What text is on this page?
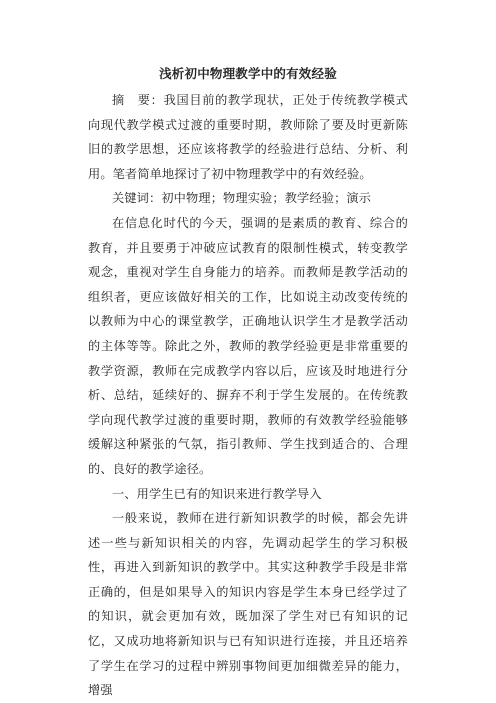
浅析初中物理教学中的有效经验

摘　要：我国目前的教学现状，正处于传统教学模式向现代教学模式过渡的重要时期，教师除了要及时更新陈旧的教学思想，还应该将教学的经验进行总结、分析、利用。笔者简单地探讨了初中物理教学中的有效经验。

关键词：初中物理；物理实验；教学经验；演示

在信息化时代的今天，强调的是素质的教育、综合的教育，并且要勇于冲破应试教育的限制性模式，转变教学观念，重视对学生自身能力的培养。而教师是教学活动的组织者，更应该做好相关的工作，比如说主动改变传统的以教师为中心的课堂教学，正确地认识学生才是教学活动的主体等等。除此之外，教师的教学经验更是非常重要的教学资源，教师在完成教学内容以后，应该及时地进行分析、总结，延续好的、摒弃不利于学生发展的。在传统教学向现代教学过渡的重要时期，教师的有效教学经验能够缓解这种紧张的气氛，指引教师、学生找到适合的、合理的、良好的教学途径。

一、用学生已有的知识来进行教学导入

一般来说，教师在进行新知识教学的时候，都会先讲述一些与新知识相关的内容，先调动起学生的学习积极性，再进入到新知识的教学中。其实这种教学手段是非常正确的，但是如果导入的知识内容是学生本身已经学过了的知识，就会更加有效，既加深了学生对已有知识的记忆，又成功地将新知识与已有知识进行连接，并且还培养了学生在学习的过程中辨别事物间更加细微差异的能力，增强
